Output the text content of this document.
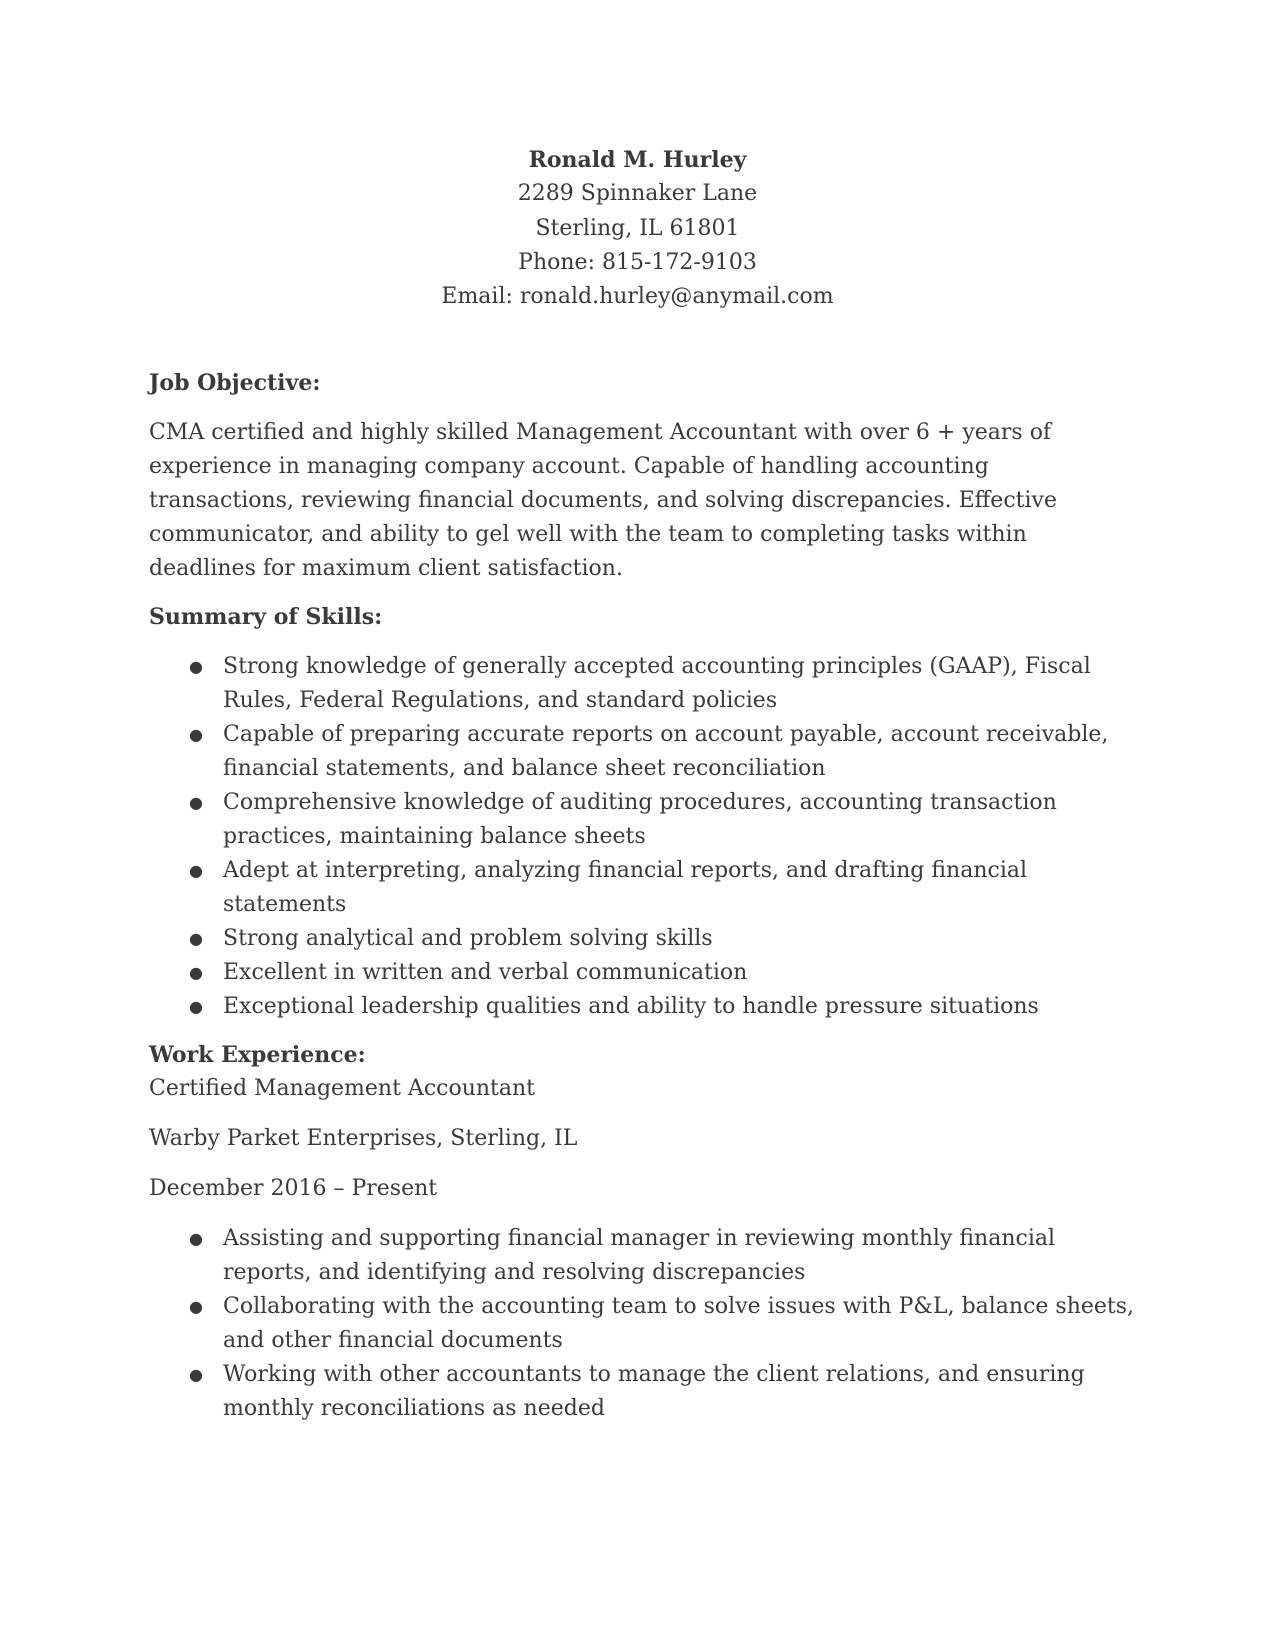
Ronald M. Hurley
2289 Spinnaker Lane
Sterling, IL 61801
Phone: 815-172-9103
Email: ronald.hurley@anymail.com

Job Objective:

CMA certified and highly skilled Management Accountant with over 6 + years of experience in managing company account. Capable of handling accounting transactions, reviewing financial documents, and solving discrepancies. Effective communicator, and ability to gel well with the team to completing tasks within deadlines for maximum client satisfaction.

Summary of Skills:

● Strong knowledge of generally accepted accounting principles (GAAP), Fiscal Rules, Federal Regulations, and standard policies
● Capable of preparing accurate reports on account payable, account receivable, financial statements, and balance sheet reconciliation
● Comprehensive knowledge of auditing procedures, accounting transaction practices, maintaining balance sheets
● Adept at interpreting, analyzing financial reports, and drafting financial statements
● Strong analytical and problem solving skills
● Excellent in written and verbal communication
● Exceptional leadership qualities and ability to handle pressure situations

Work Experience:

Certified Management Accountant

Warby Parket Enterprises, Sterling, IL

December 2016 – Present

● Assisting and supporting financial manager in reviewing monthly financial reports, and identifying and resolving discrepancies
● Collaborating with the accounting team to solve issues with P&L, balance sheets, and other financial documents
● Working with other accountants to manage the client relations, and ensuring monthly reconciliations as needed
